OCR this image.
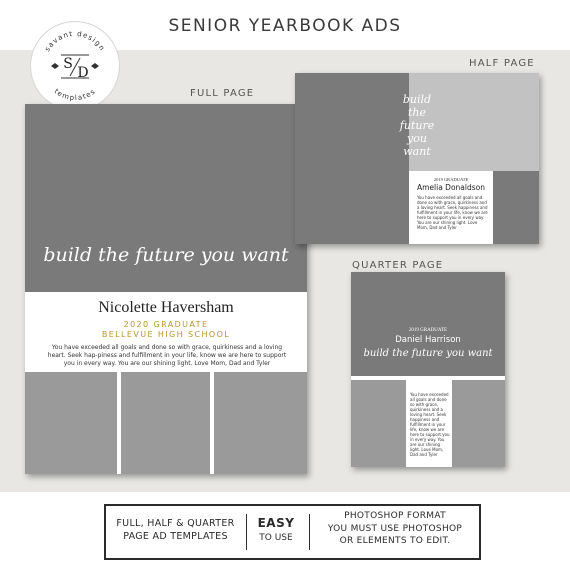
SENIOR YEARBOOK ADS
savant design
templates
S
D
FULL PAGE
HALF PAGE
QUARTER PAGE
build the future you want
Nicolette Haversham
2020 GRADUATE
BELLEVUE HIGH SCHOOL
You have exceeded all goals and done so with grace, quirkiness and a loving heart. Seek hap-piness and fulfillment in your life, know we are here to support you in every way. You are our shining light. Love Mom, Dad and Tyler
build the future you want
2019 GRADUATE
Amelia Donaldson
You have exceeded all goals and done so with grace, quirkiness and a loving heart. Seek happiness and fulfillment in your life, know we are here to support you in every way. You are our shining light. Love Mom, Dad and Tyler
2019 GRADUATE
Daniel Harrison
build the future you want
You have exceeded all goals and done so with grace, quirkiness and a loving heart. Seek happiness and fulfillment in your life, know we are here to support you in every way. You are our shining light. Love Mom, Dad and Tyler
FULL, HALF & QUARTER
PAGE AD TEMPLATES
EASY
TO USE
PHOTOSHOP FORMAT
YOU MUST USE PHOTOSHOP
OR ELEMENTS TO EDIT.
